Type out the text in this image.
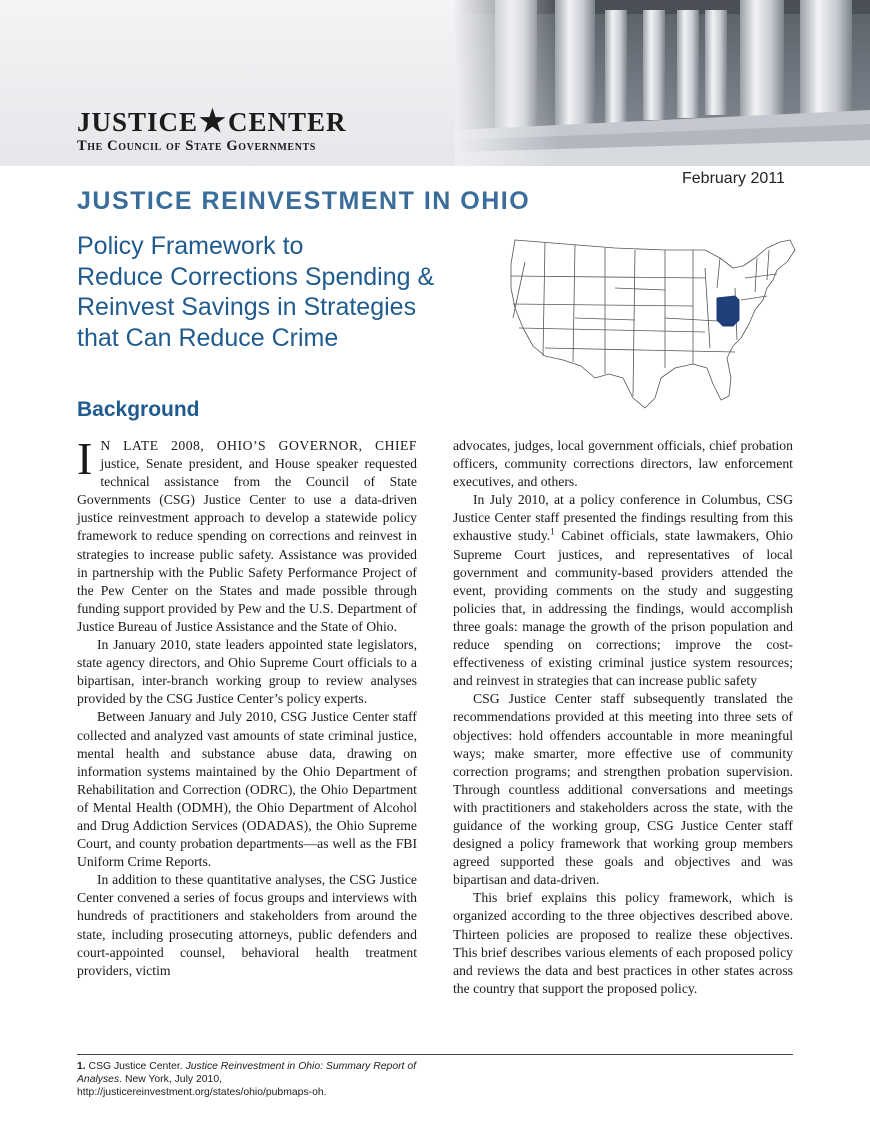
JUSTICE ★ CENTER
The Council of State Governments
February 2011
JUSTICE REINVESTMENT IN OHIO
Policy Framework to
Reduce Corrections Spending &
Reinvest Savings in Strategies
that Can Reduce Crime
Background

IN LATE 2008, OHIO’S GOVERNOR, CHIEF justice, Senate president, and House speaker requested technical assistance from the Council of State Governments (CSG) Justice Center to use a data-driven justice reinvestment approach to develop a statewide policy framework to reduce spending on corrections and reinvest in strategies to increase public safety. Assistance was provided in partnership with the Public Safety Performance Project of the Pew Center on the States and made possible through funding support provided by Pew and the U.S. Department of Justice Bureau of Justice Assistance and the State of Ohio.

In January 2010, state leaders appointed state legislators, state agency directors, and Ohio Supreme Court officials to a bipartisan, inter-branch working group to review analyses provided by the CSG Justice Center’s policy experts.

Between January and July 2010, CSG Justice Center staff collected and analyzed vast amounts of state criminal justice, mental health and substance abuse data, drawing on information systems maintained by the Ohio Department of Rehabilitation and Correction (ODRC), the Ohio Department of Mental Health (ODMH), the Ohio Department of Alcohol and Drug Addiction Services (ODADAS), the Ohio Supreme Court, and county probation departments—as well as the FBI Uniform Crime Reports.

In addition to these quantitative analyses, the CSG Justice Center convened a series of focus groups and interviews with hundreds of practitioners and stakeholders from around the state, including prosecuting attorneys, public defenders and court-appointed counsel, behavioral health treatment providers, victim

advocates, judges, local government officials, chief probation officers, community corrections directors, law enforcement executives, and others.

In July 2010, at a policy conference in Columbus, CSG Justice Center staff presented the findings resulting from this exhaustive study.$^1$ Cabinet officials, state lawmakers, Ohio Supreme Court justices, and representatives of local government and community-based providers attended the event, providing comments on the study and suggesting policies that, in addressing the findings, would accomplish three goals: manage the growth of the prison population and reduce spending on corrections; improve the cost-effectiveness of existing criminal justice system resources; and reinvest in strategies that can increase public safety

CSG Justice Center staff subsequently translated the recommendations provided at this meeting into three sets of objectives: hold offenders accountable in more meaningful ways; make smarter, more effective use of community correction programs; and strengthen probation supervision. Through countless additional conversations and meetings with practitioners and stakeholders across the state, with the guidance of the working group, CSG Justice Center staff designed a policy framework that working group members agreed supported these goals and objectives and was bipartisan and data-driven.

This brief explains this policy framework, which is organized according to the three objectives described above. Thirteen policies are proposed to realize these objectives. This brief describes various elements of each proposed policy and reviews the data and best practices in other states across the country that support the proposed policy.

1. CSG Justice Center. Justice Reinvestment in Ohio: Summary Report of Analyses. New York, July 2010, http://justicereinvestment.org/states/ohio/pubmaps-oh.
